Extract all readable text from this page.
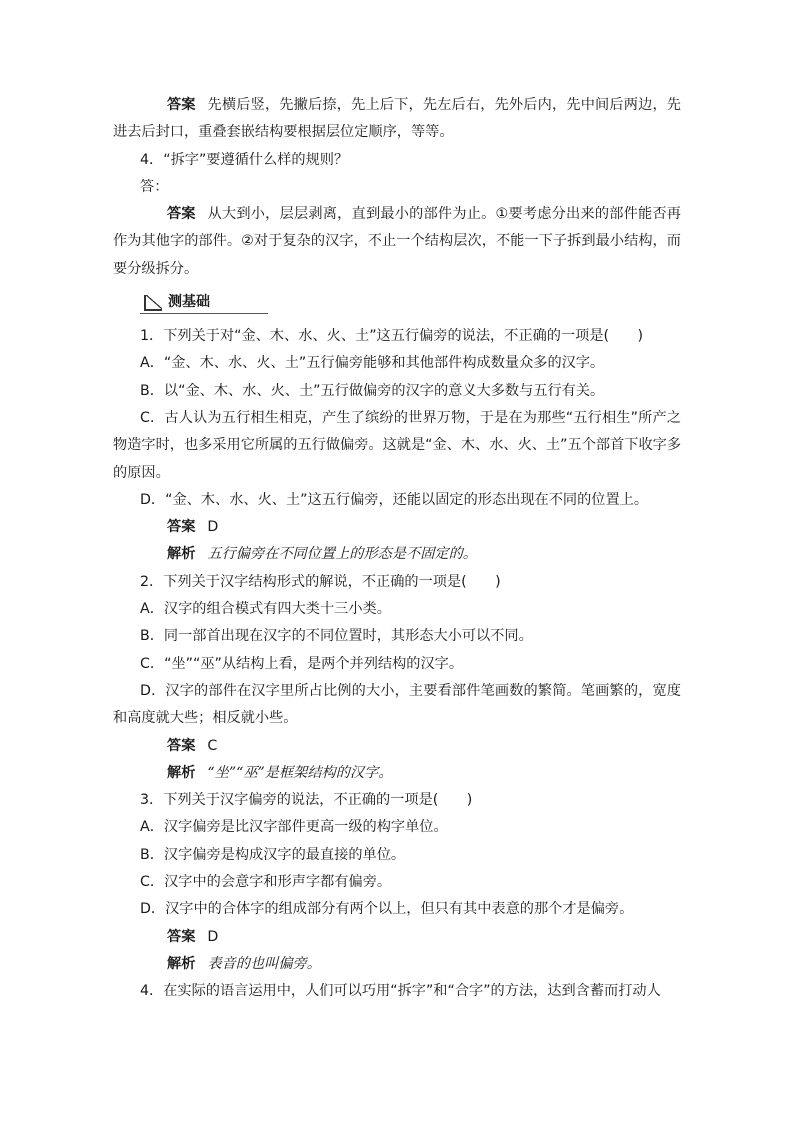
答案 先横后竖，先撇后捺，先上后下，先左后右，先外后内，先中间后两边，先进去后封口，重叠套嵌结构要根据层位定顺序，等等。

4．“拆字”要遵循什么样的规则？

答：

答案 从大到小，层层剥离，直到最小的部件为止。①要考虑分出来的部件能否再作为其他字的部件。②对于复杂的汉字，不止一个结构层次，不能一下子拆到最小结构，而要分级拆分。

测基础

1．下列关于对“金、木、水、火、土”这五行偏旁的说法，不正确的一项是(　　)

A．“金、木、水、火、土”五行偏旁能够和其他部件构成数量众多的汉字。

B．以“金、木、水、火、土”五行做偏旁的汉字的意义大多数与五行有关。

C．古人认为五行相生相克，产生了缤纷的世界万物，于是在为那些“五行相生”所产之物造字时，也多采用它所属的五行做偏旁。这就是“金、木、水、火、土”五个部首下收字多的原因。

D．“金、木、水、火、土”这五行偏旁，还能以固定的形态出现在不同的位置上。

答案 D

解析 五行偏旁在不同位置上的形态是不固定的。

2．下列关于汉字结构形式的解说，不正确的一项是(　　)

A．汉字的组合模式有四大类十三小类。

B．同一部首出现在汉字的不同位置时，其形态大小可以不同。

C．“坐”“巫”从结构上看，是两个并列结构的汉字。

D．汉字的部件在汉字里所占比例的大小，主要看部件笔画数的繁简。笔画繁的，宽度和高度就大些；相反就小些。

答案 C

解析 “坐”“巫”是框架结构的汉字。

3．下列关于汉字偏旁的说法，不正确的一项是(　　)

A．汉字偏旁是比汉字部件更高一级的构字单位。

B．汉字偏旁是构成汉字的最直接的单位。

C．汉字中的会意字和形声字都有偏旁。

D．汉字中的合体字的组成部分有两个以上，但只有其中表意的那个才是偏旁。

答案 D

解析 表音的也叫偏旁。

4．在实际的语言运用中，人们可以巧用“拆字”和“合字”的方法，达到含蓄而打动人
